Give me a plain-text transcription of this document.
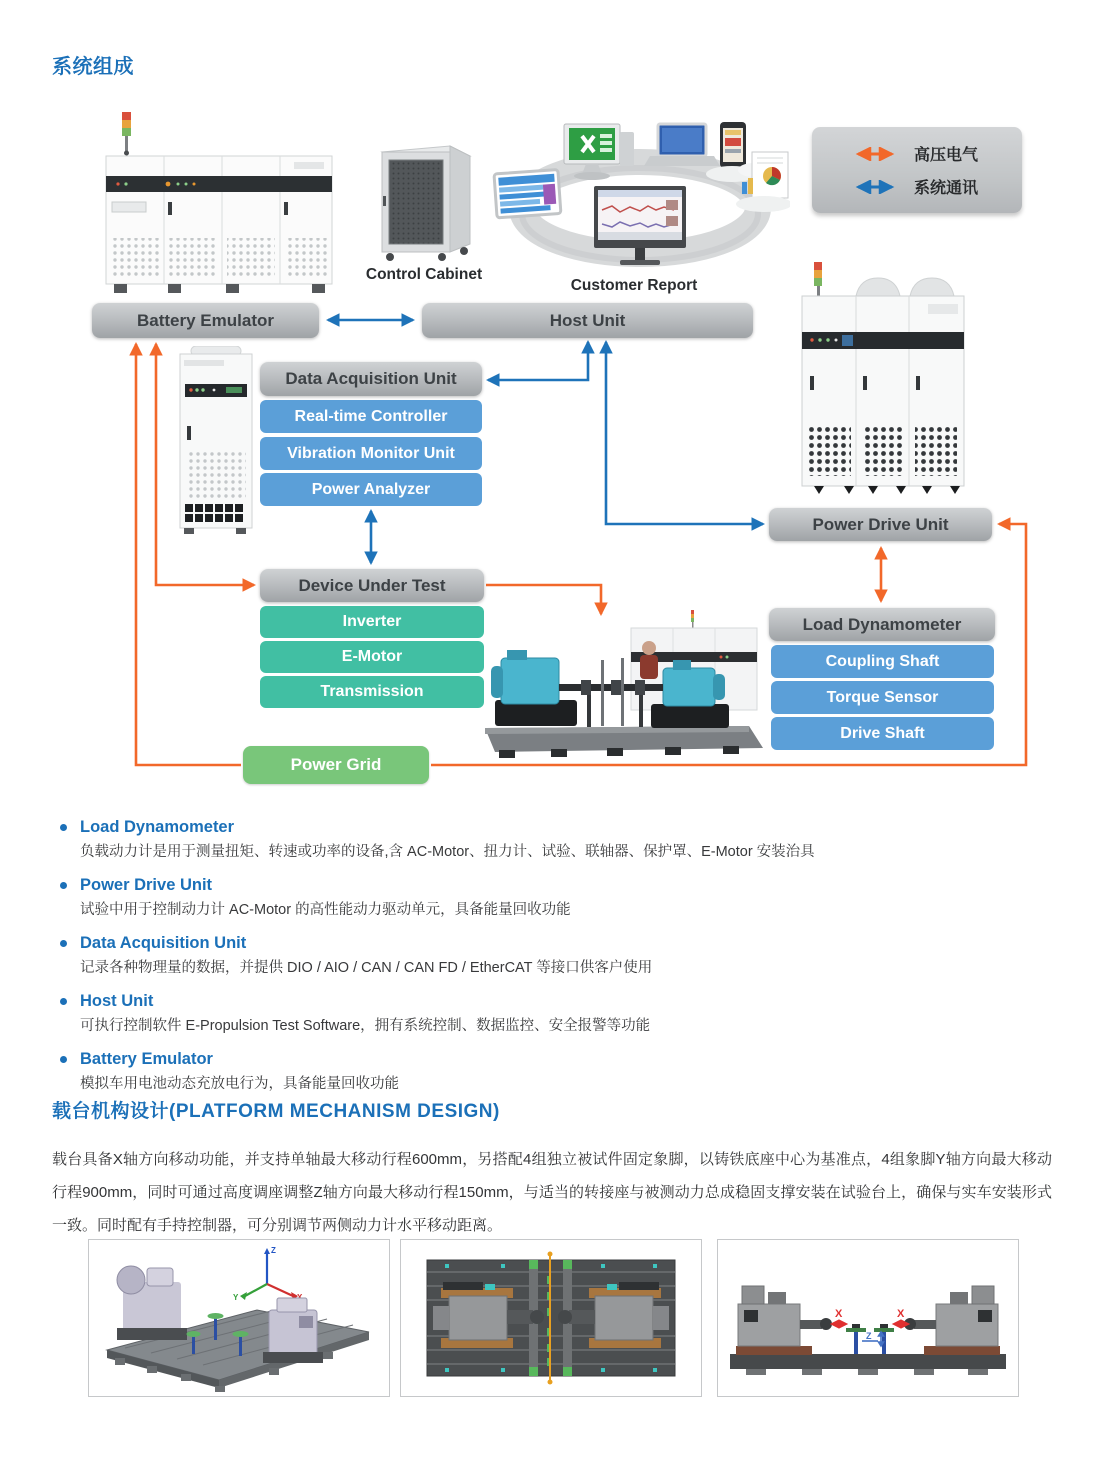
系统组成
Control Cabinet
Customer Report
高压电气
系统通讯
Battery Emulator	Host Unit
Data Acquisition Unit
Real-time Controller
Vibration Monitor Unit
Power Analyzer
Device Under Test
Inverter
E-Motor
Transmission
Power Grid
Power Drive Unit
Load Dynamometer
Coupling Shaft
Torque Sensor
Drive Shaft
Load Dynamometer
负载动力计是用于测量扭矩、转速或功率的设备,含 AC-Motor、扭力计、试验、联轴器、保护罩、E-Motor 安装治具
Power Drive Unit
试验中用于控制动力计 AC-Motor 的高性能动力驱动单元，具备能量回收功能
Data Acquisition Unit
记录各种物理量的数据，并提供 DIO / AIO / CAN / CAN FD / EtherCAT 等接口供客户使用
Host Unit
可执行控制软件 E-Propulsion Test Software，拥有系统控制、数据监控、安全报警等功能
Battery Emulator
模拟车用电池动态充放电行为，具备能量回收功能
载台机构设计(PLATFORM MECHANISM DESIGN)
载台具备X轴方向移动功能，并支持单轴最大移动行程600mm，另搭配4组独立被试件固定象脚，以铸铁底座中心为基准点，4组象脚Y轴方向最大移动行程900mm，同时可通过高度调座调整Z轴方向最大移动行程150mm，与适当的转接座与被测动力总成稳固支撑安装在试验台上，确保与实车安装形式一致。同时配有手持控制器，可分别调节两侧动力计水平移动距离。
Z
Y
X	X
Z
